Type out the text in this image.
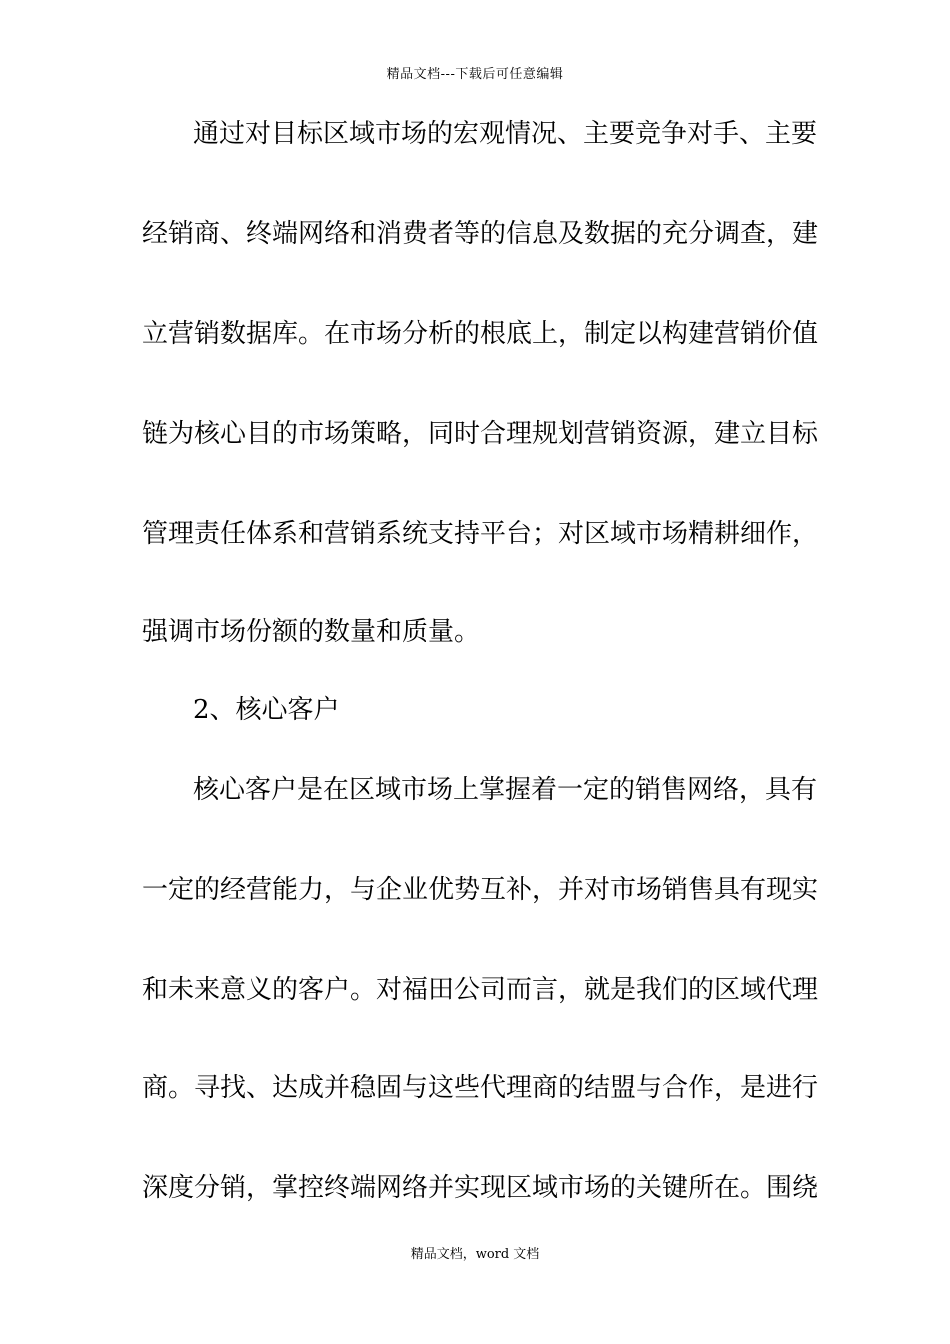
精品文档---下载后可任意编辑
通过对目标区域市场的宏观情况、主要竞争对手、主要
经销商、终端网络和消费者等的信息及数据的充分调查，建
立营销数据库。在市场分析的根底上，制定以构建营销价值
链为核心目的市场策略，同时合理规划营销资源，建立目标
管理责任体系和营销系统支持平台；对区域市场精耕细作，
强调市场份额的数量和质量。
2、核心客户
核心客户是在区域市场上掌握着一定的销售网络，具有
一定的经营能力，与企业优势互补，并对市场销售具有现实
和未来意义的客户。对福田公司而言，就是我们的区域代理
商。寻找、达成并稳固与这些代理商的结盟与合作，是进行
深度分销，掌控终端网络并实现区域市场的关键所在。围绕
精品文档，word 文档
